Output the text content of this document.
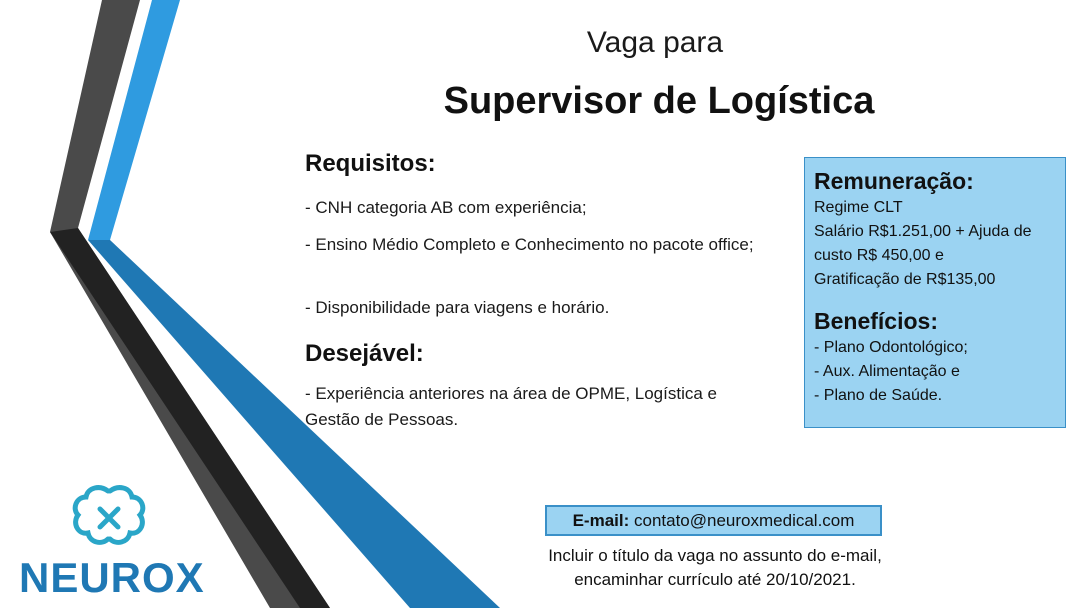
Vaga para
Supervisor de Logística
Requisitos:
- CNH categoria AB com experiência;
- Ensino Médio Completo e Conhecimento no pacote office;
- Disponibilidade para viagens e horário.
Desejável:
- Experiência anteriores na área de OPME, Logística e Gestão de Pessoas.
Remuneração:
Regime CLT
Salário R$1.251,00 + Ajuda de
custo R$ 450,00 e
Gratificação de R$135,00
Benefícios:
- Plano Odontológico;
- Aux. Alimentação e
- Plano de Saúde.
E-mail: contato@neuroxmedical.com
Incluir o título da vaga no assunto do e-mail,
encaminhar currículo até 20/10/2021.
NEUROX
